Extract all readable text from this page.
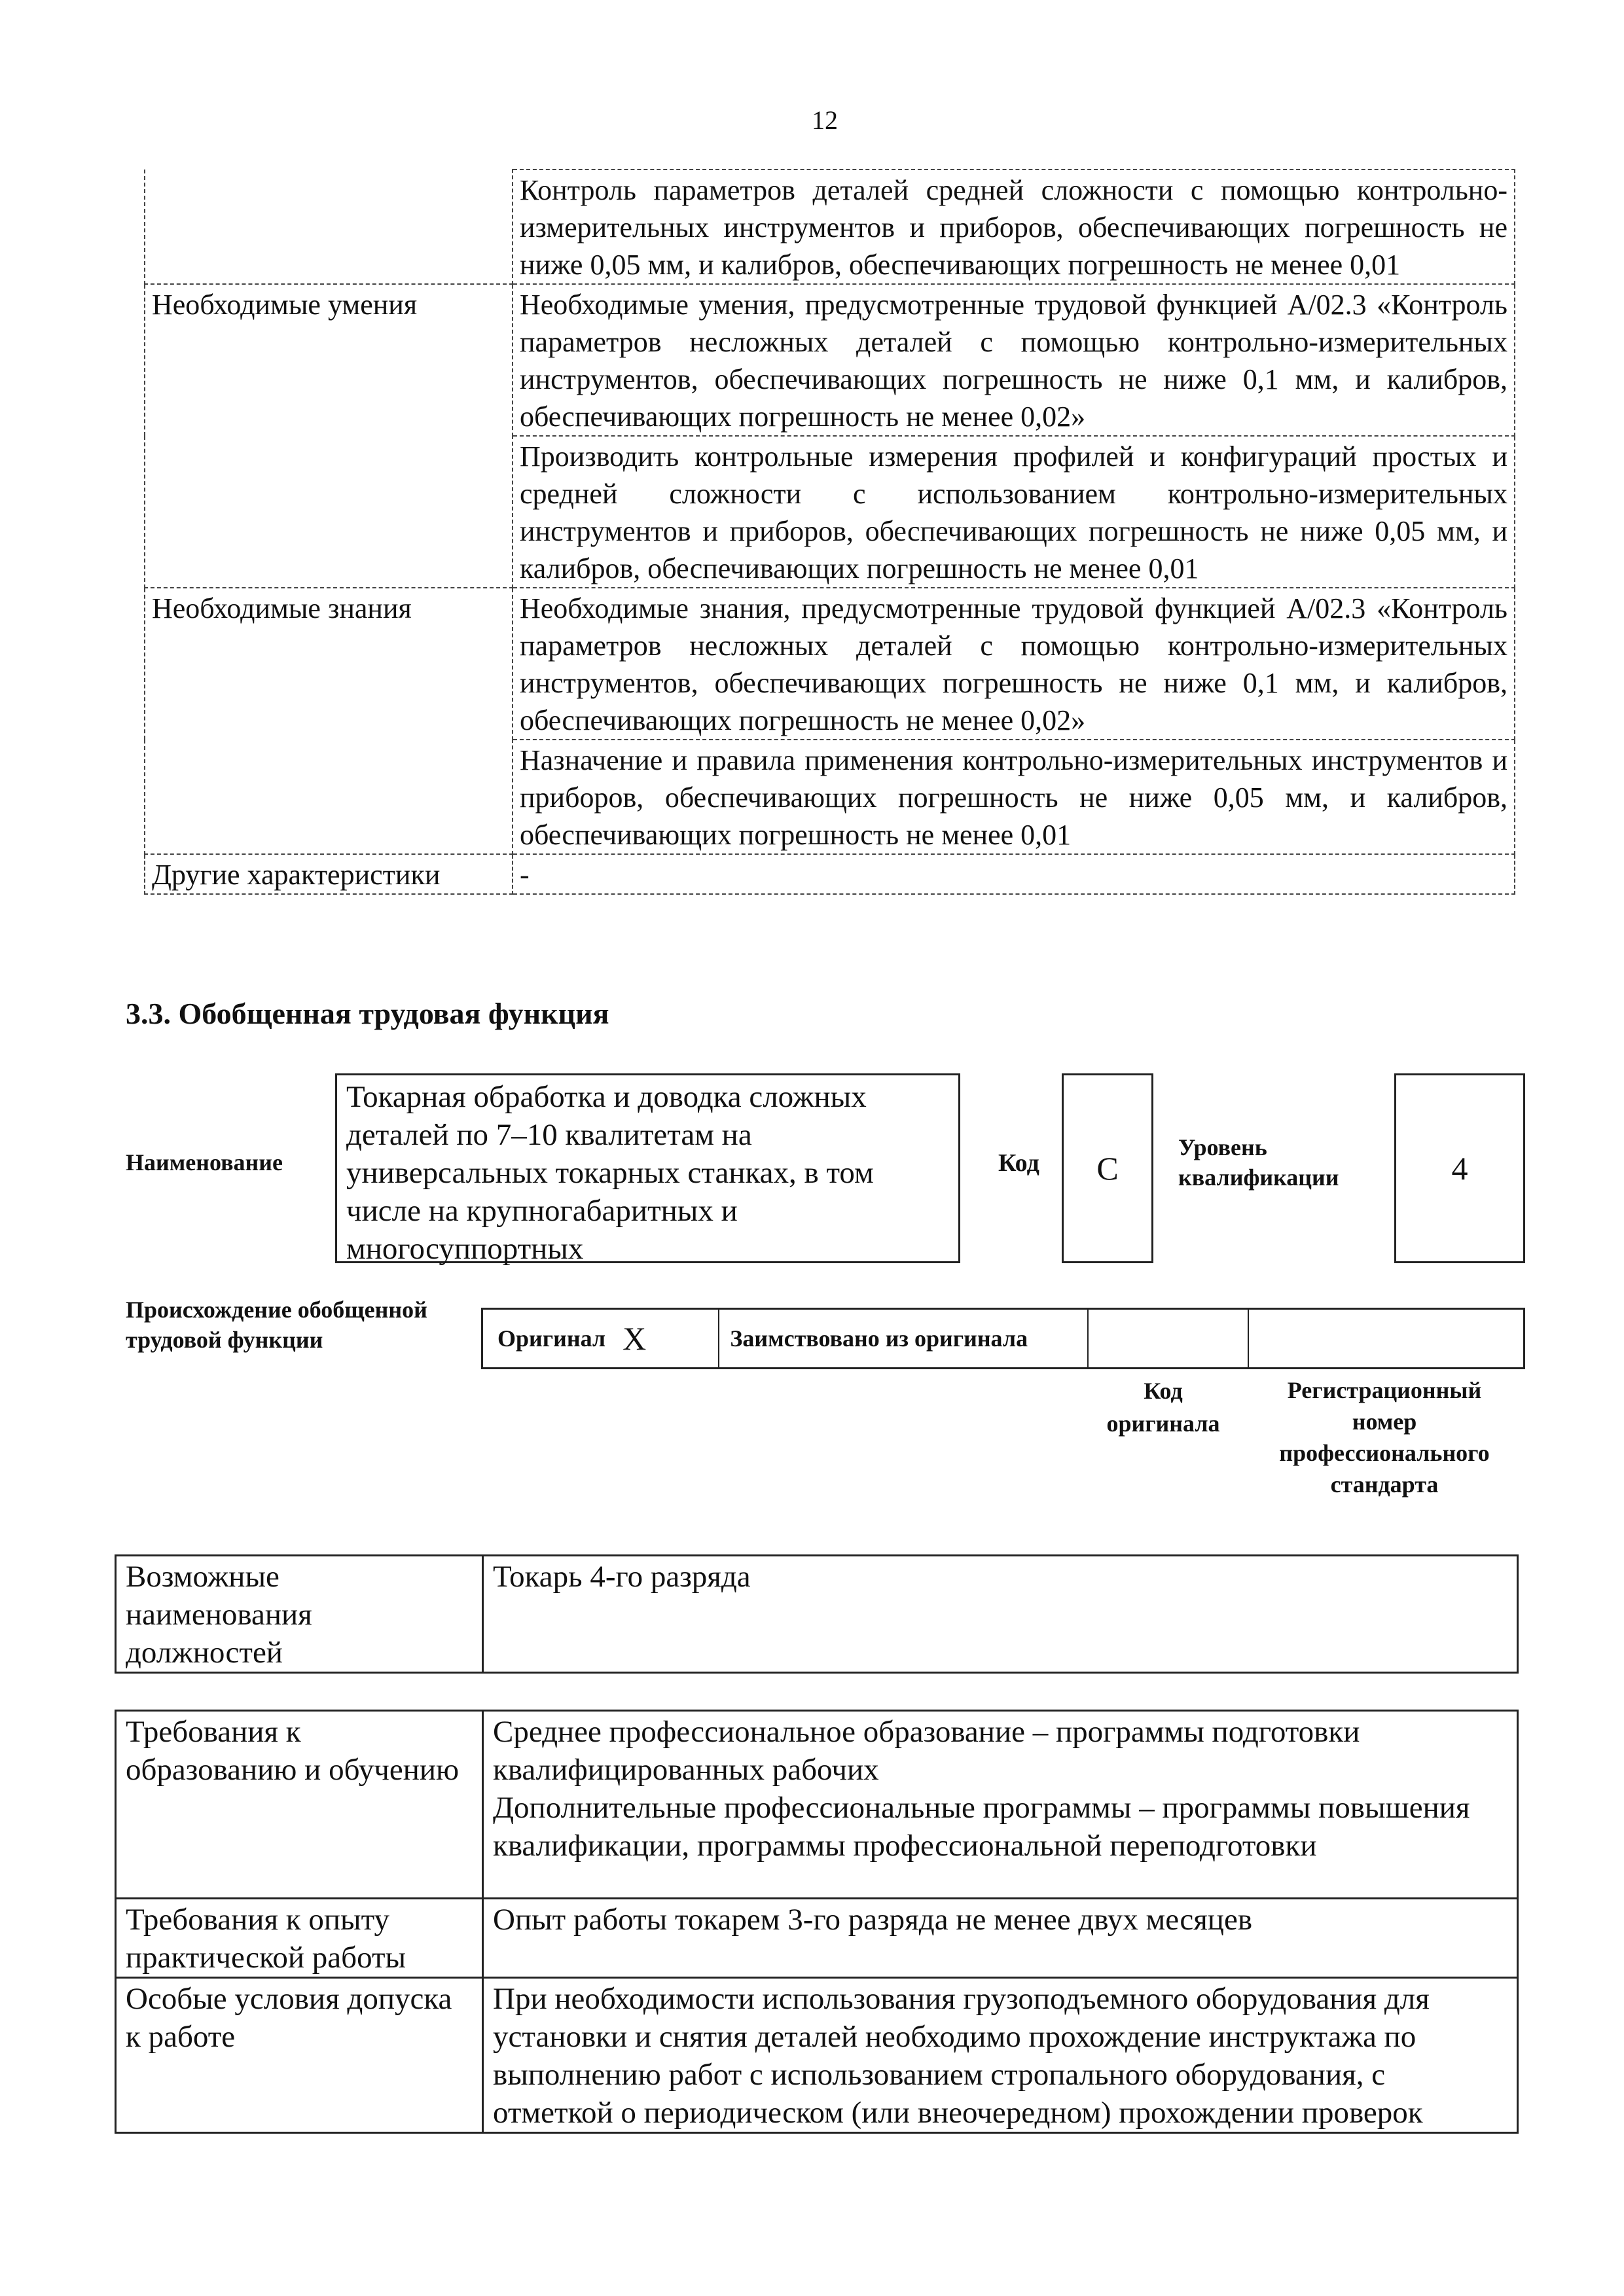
12
	Контроль параметров деталей средней сложности с помощью контрольно-измерительных инструментов и приборов, обеспечивающих погрешность не ниже 0,05 мм, и калибров, обеспечивающих погрешность не менее 0,01
Необходимые умения	Необходимые умения, предусмотренные трудовой функцией А/02.3 «Контроль параметров несложных деталей с помощью контрольно-измерительных инструментов, обеспечивающих погрешность не ниже 0,1 мм, и калибров, обеспечивающих погрешность не менее 0,02»
	Производить контрольные измерения профилей и конфигураций простых и средней сложности с использованием контрольно-измерительных инструментов и приборов, обеспечивающих погрешность не ниже 0,05 мм, и калибров, обеспечивающих погрешность не менее 0,01
Необходимые знания	Необходимые знания, предусмотренные трудовой функцией А/02.3 «Контроль параметров несложных деталей с помощью контрольно-измерительных инструментов, обеспечивающих погрешность не ниже 0,1 мм, и калибров, обеспечивающих погрешность не менее 0,02»
	Назначение и правила применения контрольно-измерительных инструментов и приборов, обеспечивающих погрешность не ниже 0,05 мм, и калибров, обеспечивающих погрешность не менее 0,01
Другие характеристики	-
3.3. Обобщенная трудовая функция
Наименование
Токарная обработка и доводка сложных деталей по 7–10 квалитетам на универсальных токарных станках, в том числе на крупногабаритных и многосуппортных
Код	С
Уровень квалификации	4
Происхождение обобщенной трудовой функции	Оригинал X	Заимствовано из оригинала
Код оригинала
Регистрационный номер профессионального стандарта
Возможные наименования должностей	Токарь 4-го разряда
Требования к образованию и обучению	Среднее профессиональное образование – программы подготовки квалифицированных рабочих
Дополнительные профессиональные программы – программы повышения квалификации, программы профессиональной переподготовки

Требования к опыту практической работы	Опыт работы токарем 3-го разряда не менее двух месяцев
Особые условия допуска к работе	При необходимости использования грузоподъемного оборудования для установки и снятия деталей необходимо прохождение инструктажа по выполнению работ с использованием стропального оборудования, с отметкой о периодическом (или внеочередном) прохождении проверок
